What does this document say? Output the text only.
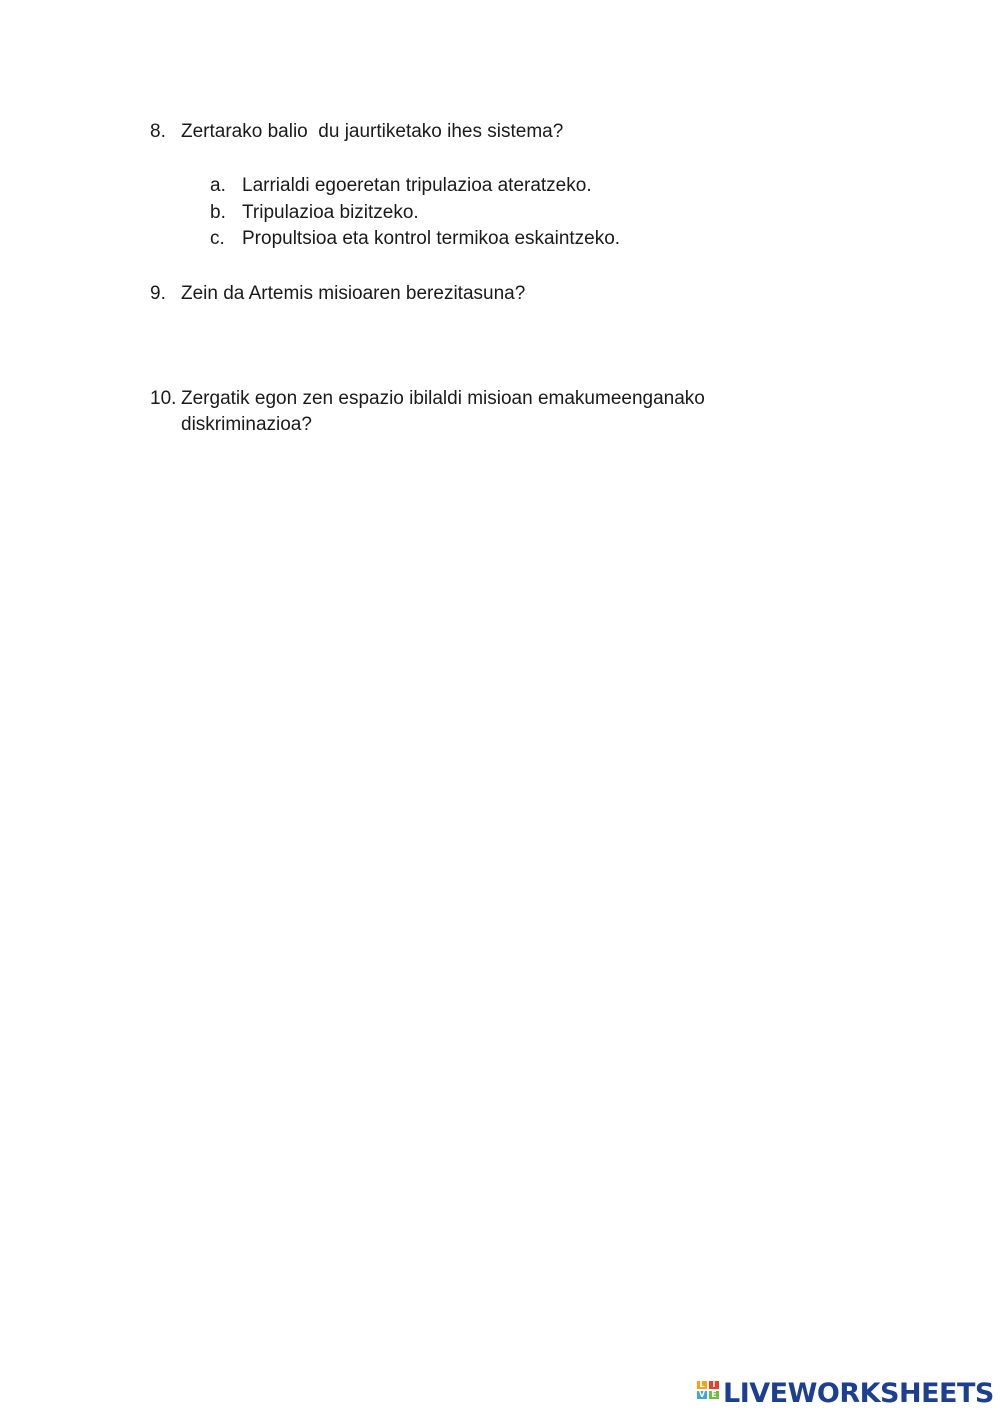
8. Zertarako balio  du jaurtiketako ihes sistema?
a. Larrialdi egoeretan tripulazioa ateratzeko.
b. Tripulazioa bizitzeko.
c. Propultsioa eta kontrol termikoa eskaintzeko.
9. Zein da Artemis misioaren berezitasuna?
10. Zergatik egon zen espazio ibilaldi misioan emakumeenganako diskriminazioa?
L I
V E LIVEWORKSHEETS
